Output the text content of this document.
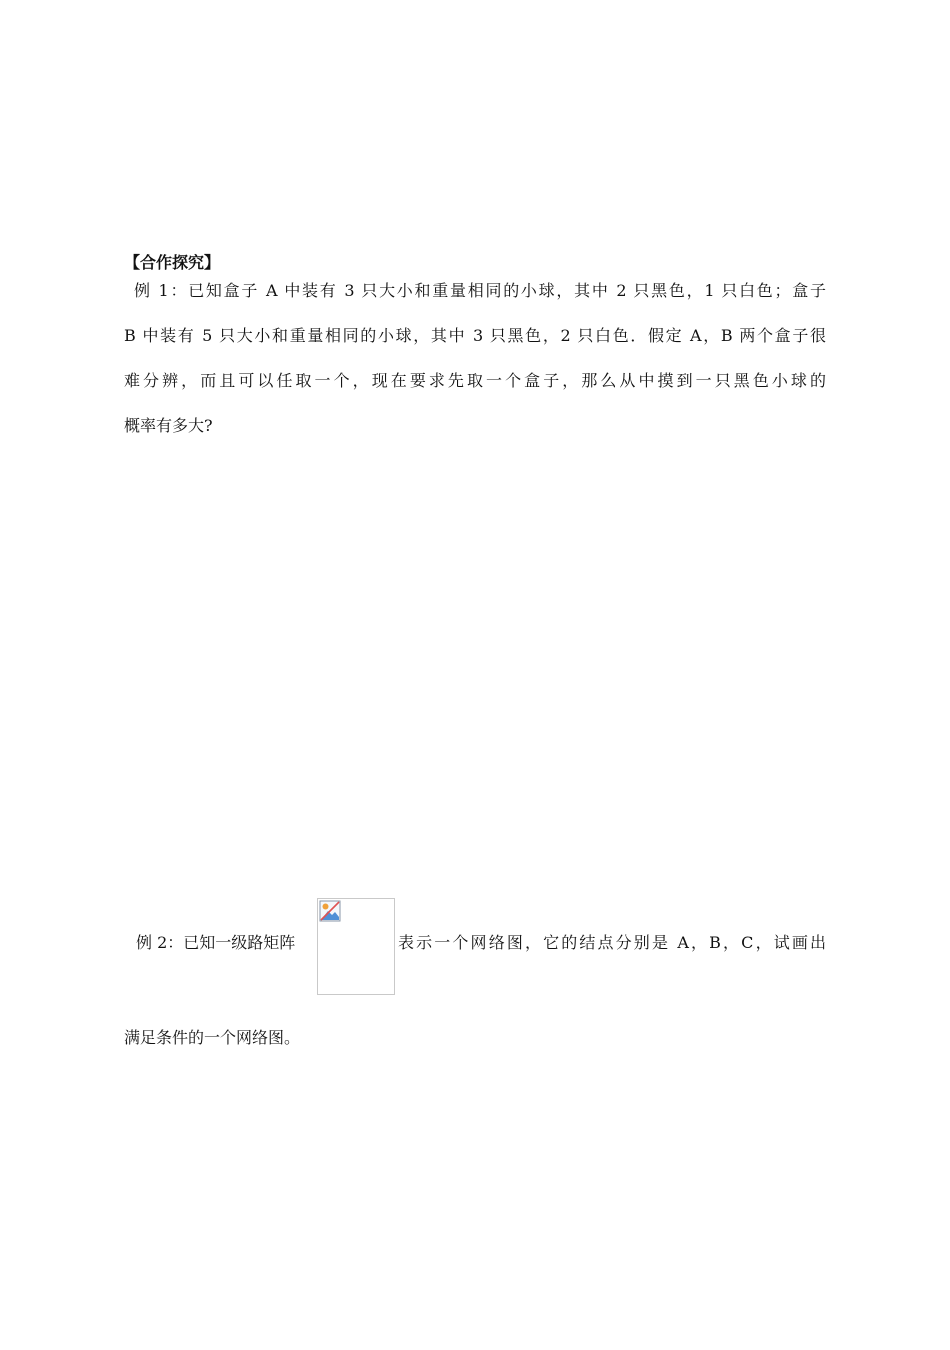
【合作探究】
例 1：已知盒子 A 中装有 3 只大小和重量相同的小球，其中 2 只黑色，1 只白色；盒子
B 中装有 5 只大小和重量相同的小球，其中 3 只黑色，2 只白色．假定 A，B 两个盒子很
难分辨，而且可以任取一个，现在要求先取一个盒子，那么从中摸到一只黑色小球的
概率有多大?
例 2：已知一级路矩阵	表示一个网络图，它的结点分别是 A，B，C，试画出
满足条件的一个网络图。
